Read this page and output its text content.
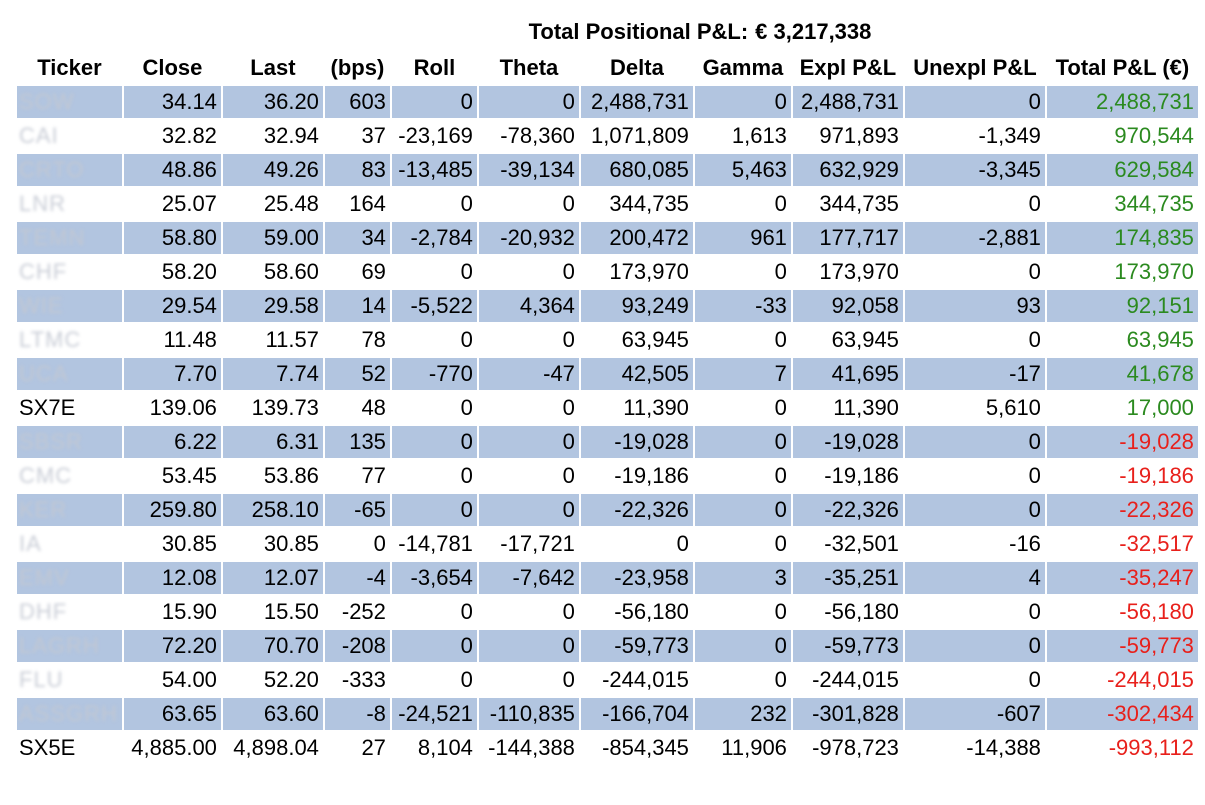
Total Positional P&L: € 3,217,338
Ticker	Close	Last	(bps)	Roll	Theta	Delta	Gamma	Expl P&L	Unexpl P&L	Total P&L (€)
SOW	34.14	36.20	603	0	0	2,488,731	0	2,488,731	0	2,488,731
CAI	32.82	32.94	37	-23,169	-78,360	1,071,809	1,613	971,893	-1,349	970,544
CRTO	48.86	49.26	83	-13,485	-39,134	680,085	5,463	632,929	-3,345	629,584
LNR	25.07	25.48	164	0	0	344,735	0	344,735	0	344,735
TEMN	58.80	59.00	34	-2,784	-20,932	200,472	961	177,717	-2,881	174,835
CHF	58.20	58.60	69	0	0	173,970	0	173,970	0	173,970
WIE	29.54	29.58	14	-5,522	4,364	93,249	-33	92,058	93	92,151
LTMC	11.48	11.57	78	0	0	63,945	0	63,945	0	63,945
UCA	7.70	7.74	52	-770	-47	42,505	7	41,695	-17	41,678
SX7E	139.06	139.73	48	0	0	11,390	0	11,390	5,610	17,000
SBSR	6.22	6.31	135	0	0	-19,028	0	-19,028	0	-19,028
CMC	53.45	53.86	77	0	0	-19,186	0	-19,186	0	-19,186
KER	259.80	258.10	-65	0	0	-22,326	0	-22,326	0	-22,326
IA	30.85	30.85	0	-14,781	-17,721	0	0	-32,501	-16	-32,517
EMV	12.08	12.07	-4	-3,654	-7,642	-23,958	3	-35,251	4	-35,247
DHF	15.90	15.50	-252	0	0	-56,180	0	-56,180	0	-56,180
LAGRH	72.20	70.70	-208	0	0	-59,773	0	-59,773	0	-59,773
FLU	54.00	52.20	-333	0	0	-244,015	0	-244,015	0	-244,015
ASSGRH	63.65	63.60	-8	-24,521	-110,835	-166,704	232	-301,828	-607	-302,434
SX5E	4,885.00	4,898.04	27	8,104	-144,388	-854,345	11,906	-978,723	-14,388	-993,112
